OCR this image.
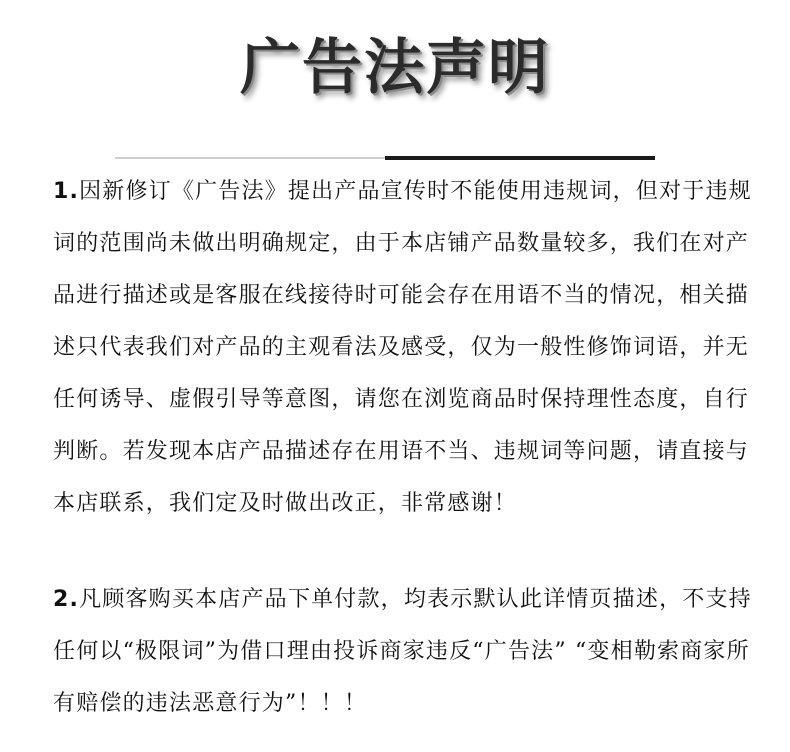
广告法声明
1.因新修订《广告法》提出产品宣传时不能使用违规词，但对于违规
词的范围尚未做出明确规定，由于本店铺产品数量较多，我们在对产
品进行描述或是客服在线接待时可能会存在用语不当的情况，相关描
述只代表我们对产品的主观看法及感受，仅为一般性修饰词语，并无
任何诱导、虚假引导等意图，请您在浏览商品时保持理性态度，自行
判断。若发现本店产品描述存在用语不当、违规词等问题，请直接与
本店联系，我们定及时做出改正，非常感谢！
2.凡顾客购买本店产品下单付款，均表示默认此详情页描述，不支持
任何以“极限词”为借口理由投诉商家违反“广告法” “变相勒索商家所
有赔偿的违法恶意行为”！！！
